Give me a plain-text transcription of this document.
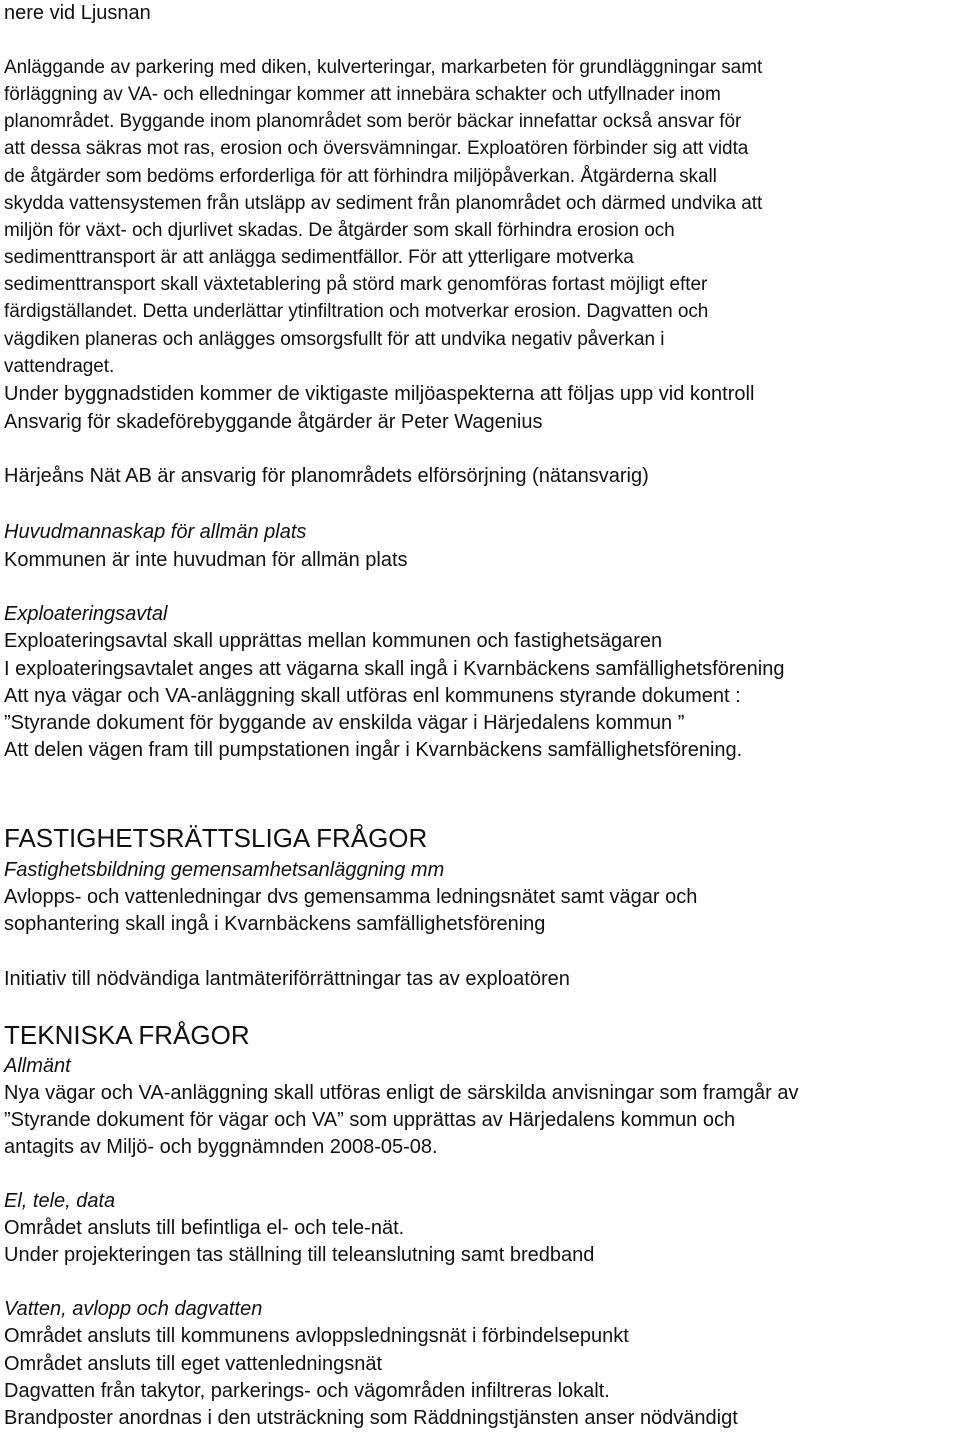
nere vid Ljusnan
Anläggande av parkering med diken, kulverteringar, markarbeten för grundläggningar samt
förläggning av VA- och elledningar kommer att innebära schakter och utfyllnader inom
planområdet. Byggande inom planområdet som berör bäckar innefattar också ansvar för
att dessa säkras mot ras, erosion och översvämningar. Exploatören förbinder sig att vidta
de åtgärder som bedöms erforderliga för att förhindra miljöpåverkan. Åtgärderna skall
skydda vattensystemen från utsläpp av sediment från planområdet och därmed undvika att
miljön för växt- och djurlivet skadas. De åtgärder som skall förhindra erosion och
sedimenttransport är att anlägga sedimentfällor. För att ytterligare motverka
sedimenttransport skall växtetablering på störd mark genomföras fortast möjligt efter
färdigställandet. Detta underlättar ytinfiltration och motverkar erosion. Dagvatten och
vägdiken planeras och anlägges omsorgsfullt för att undvika negativ påverkan i
vattendraget.
Under byggnadstiden kommer de viktigaste miljöaspekterna att följas upp vid kontroll
Ansvarig för skadeförebyggande åtgärder är Peter Wagenius
Härjeåns Nät AB är ansvarig för planområdets elförsörjning (nätansvarig)
Huvudmannaskap för allmän plats
Kommunen är inte huvudman för allmän plats
Exploateringsavtal
Exploateringsavtal skall upprättas mellan kommunen och fastighetsägaren
I exploateringsavtalet anges att vägarna skall ingå i Kvarnbäckens samfällighetsförening
Att nya vägar och VA-anläggning skall utföras enl kommunens styrande dokument :
”Styrande dokument för byggande av enskilda vägar i Härjedalens kommun ”
Att delen vägen fram till pumpstationen ingår i Kvarnbäckens samfällighetsförening.
FASTIGHETSRÄTTSLIGA FRÅGOR
Fastighetsbildning gemensamhetsanläggning mm
Avlopps- och vattenledningar dvs gemensamma ledningsnätet samt vägar och
sophantering skall ingå i Kvarnbäckens samfällighetsförening
Initiativ till nödvändiga lantmäteriförrättningar tas av exploatören
TEKNISKA FRÅGOR
Allmänt
Nya vägar och VA-anläggning skall utföras enligt de särskilda anvisningar som framgår av
”Styrande dokument för vägar och VA” som upprättas av Härjedalens kommun och
antagits av Miljö- och byggnämnden 2008-05-08.
El, tele, data
Området ansluts till befintliga el- och tele-nät.
Under projekteringen tas ställning till teleanslutning samt bredband
Vatten, avlopp och dagvatten
Området ansluts till kommunens avloppsledningsnät i förbindelsepunkt
Området ansluts till eget vattenledningsnät
Dagvatten från takytor, parkerings- och vägområden infiltreras lokalt.
Brandposter anordnas i den utsträckning som Räddningstjänsten anser nödvändigt
